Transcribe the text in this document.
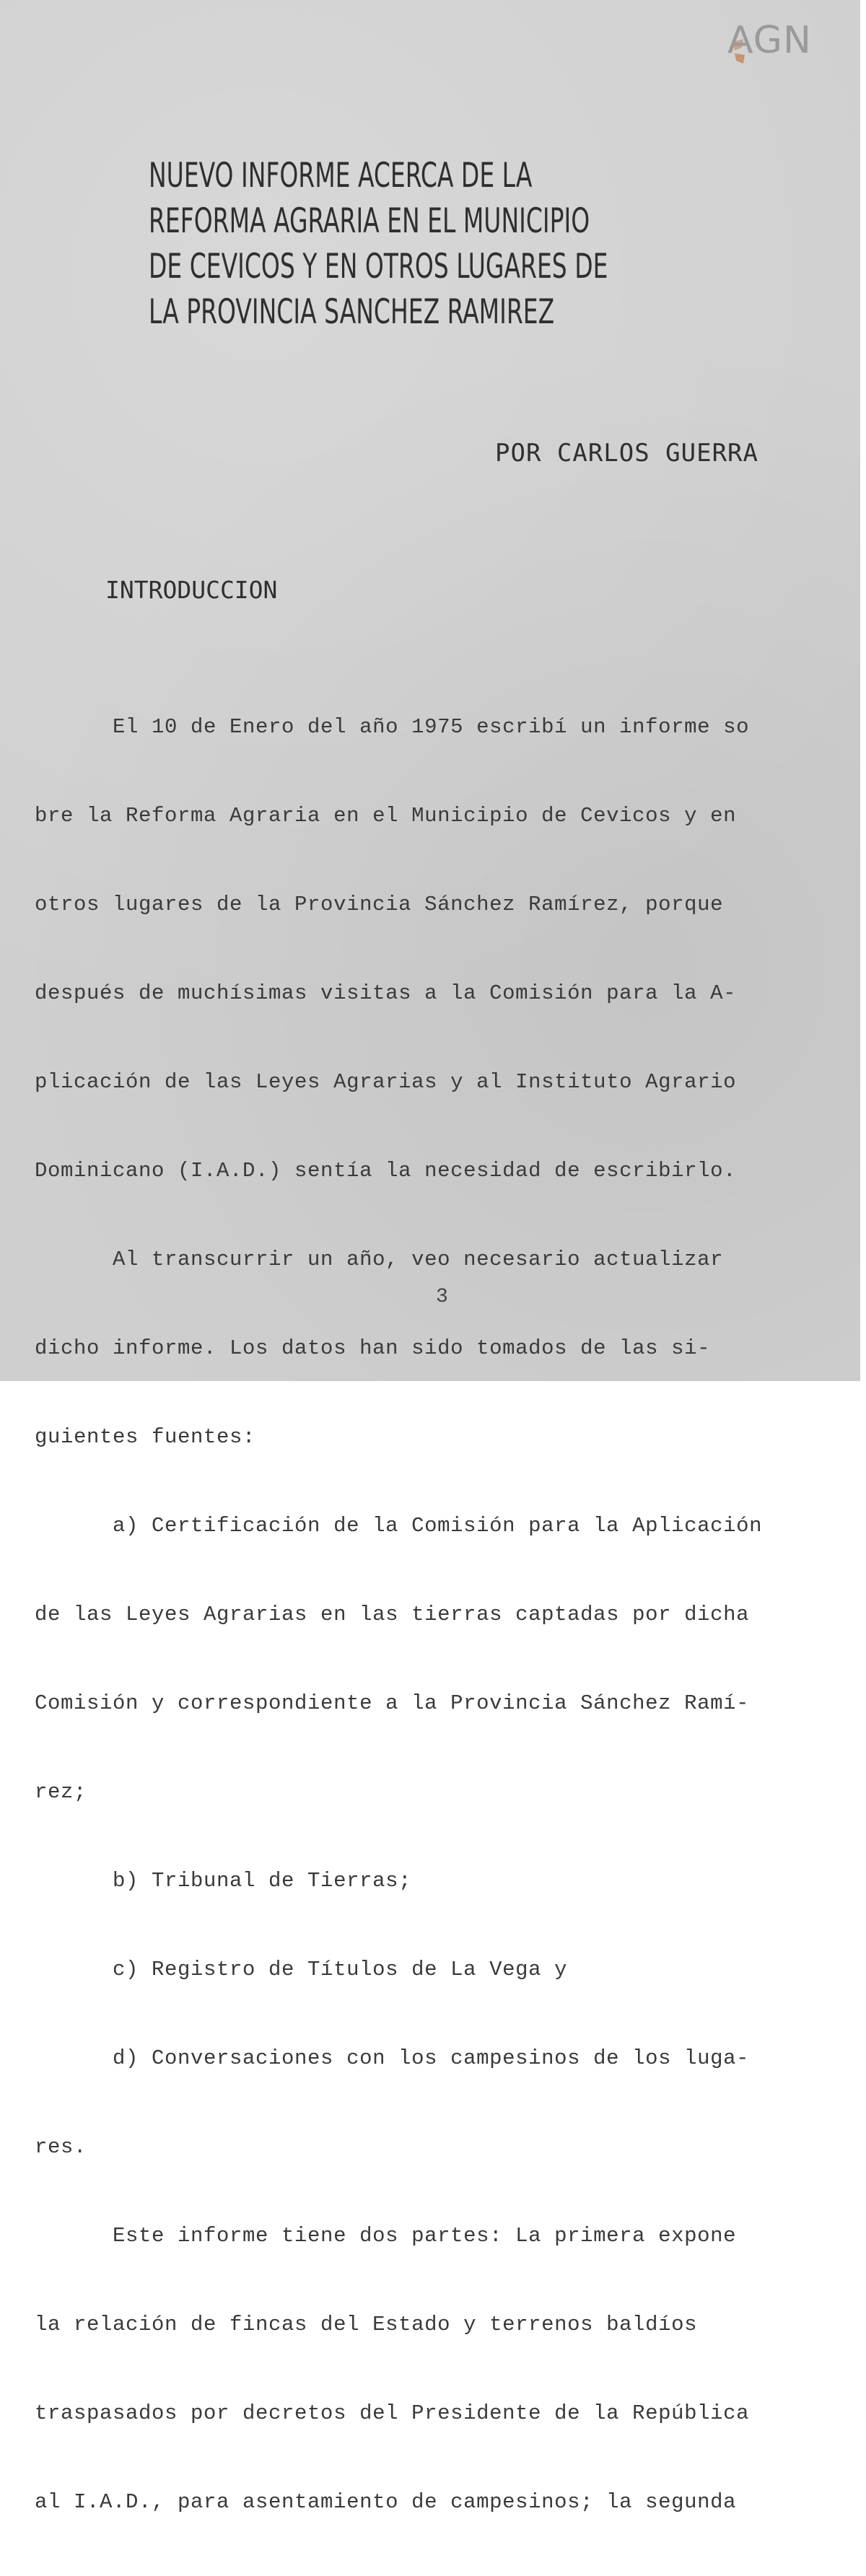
AGN
NUEVO INFORME ACERCA DE LA
REFORMA AGRARIA EN EL MUNICIPIO
DE CEVICOS Y EN OTROS LUGARES DE
LA PROVINCIA SANCHEZ RAMIREZ
POR CARLOS GUERRA
INTRODUCCION

El 10 de Enero del año 1975 escribí un informe so

bre la Reforma Agraria en el Municipio de Cevicos y en

otros lugares de la Provincia Sánchez Ramírez, porque

después de muchísimas visitas a la Comisión para la A-

plicación de las Leyes Agrarias y al Instituto Agrario

Dominicano (I.A.D.) sentía la necesidad de escribirlo.

Al transcurrir un año, veo necesario actualizar

dicho informe. Los datos han sido tomados de las si-

guientes fuentes:

a) Certificación de la Comisión para la Aplicación

de las Leyes Agrarias en las tierras captadas por dicha

Comisión y correspondiente a la Provincia Sánchez Ramí-

rez;

b) Tribunal de Tierras;

c) Registro de Títulos de La Vega y

d) Conversaciones con los campesinos de los luga-

res.

Este informe tiene dos partes: La primera expone

la relación de fincas del Estado y terrenos baldíos

traspasados por decretos del Presidente de la República

al I.A.D., para asentamiento de campesinos; la segunda

3
